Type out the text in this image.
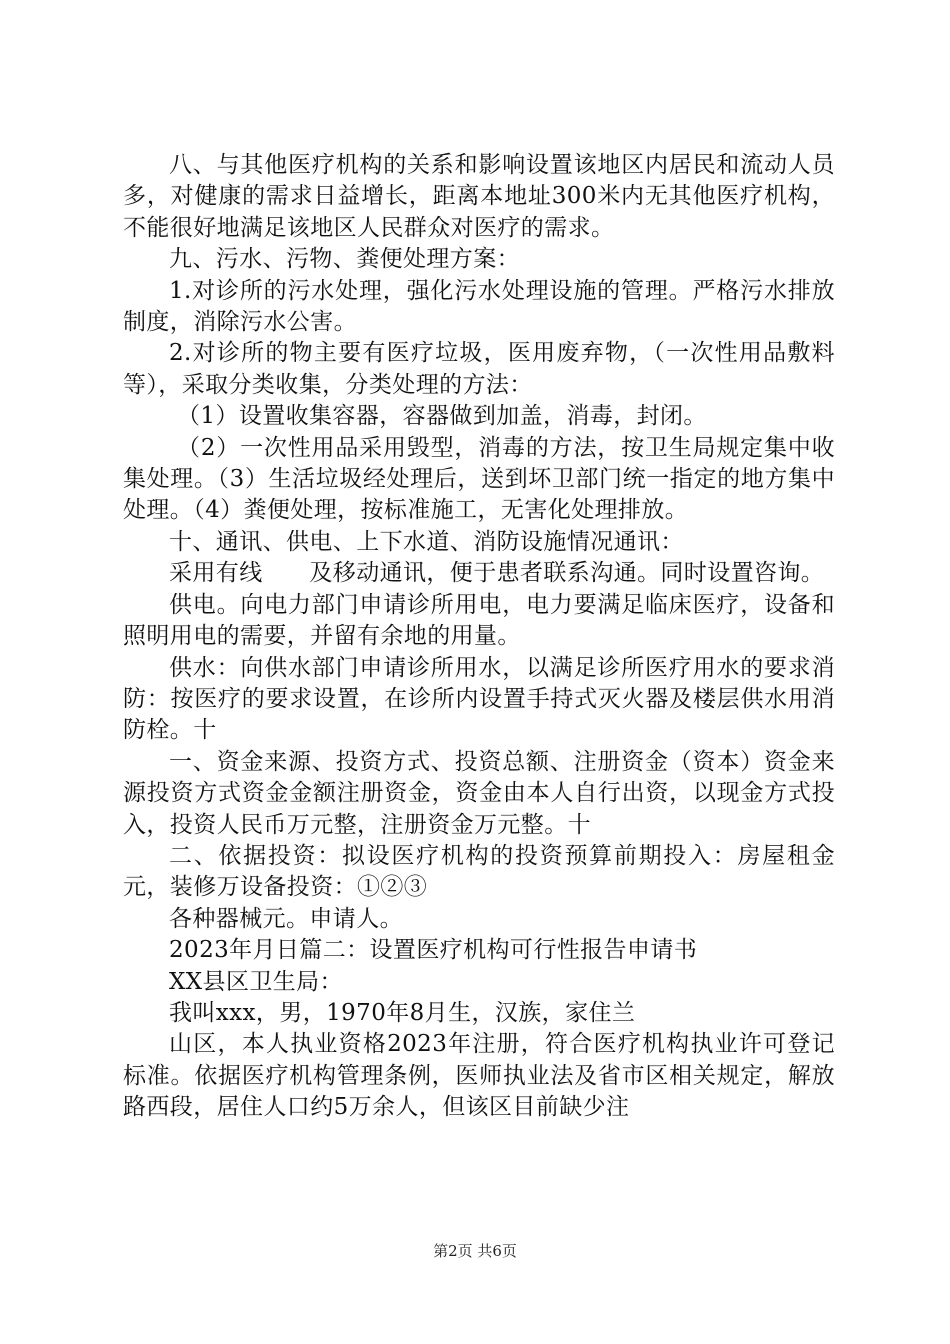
八、与其他医疗机构的关系和影响设置该地区内居民和流动人员多，对健康的需求日益增长，距离本地址300米内无其他医疗机构，不能很好地满足该地区人民群众对医疗的需求。

九、污水、污物、粪便处理方案：

1.对诊所的污水处理，强化污水处理设施的管理。严格污水排放制度，消除污水公害。

2.对诊所的物主要有医疗垃圾，医用废弃物，（一次性用品敷料等），采取分类收集，分类处理的方法：

（1）设置收集容器，容器做到加盖，消毒，封闭。

（2）一次性用品采用毁型，消毒的方法，按卫生局规定集中收集处理。（3）生活垃圾经处理后，送到坏卫部门统一指定的地方集中处理。（4）粪便处理，按标准施工，无害化处理排放。

十、通讯、供电、上下水道、消防设施情况通讯：

采用有线　　及移动通讯，便于患者联系沟通。同时设置咨询。

供电。向电力部门申请诊所用电，电力要满足临床医疗，设备和照明用电的需要，并留有余地的用量。

供水：向供水部门申请诊所用水，以满足诊所医疗用水的要求消防：按医疗的要求设置，在诊所内设置手持式灭火器及楼层供水用消防栓。十

一、资金来源、投资方式、投资总额、注册资金（资本）资金来源投资方式资金金额注册资金，资金由本人自行出资，以现金方式投入，投资人民币万元整，注册资金万元整。十

二、依据投资：拟设医疗机构的投资预算前期投入：房屋租金元，装修万设备投资：①②③

各种器械元。申请人。

2023年月日篇二：设置医疗机构可行性报告申请书

XX县区卫生局：

我叫xxx，男，1970年8月生，汉族，家住兰

山区，本人执业资格2023年注册，符合医疗机构执业许可登记标准。依据医疗机构管理条例，医师执业法及省市区相关规定，解放路西段，居住人口约5万余人，但该区目前缺少注

第2页 共6页
